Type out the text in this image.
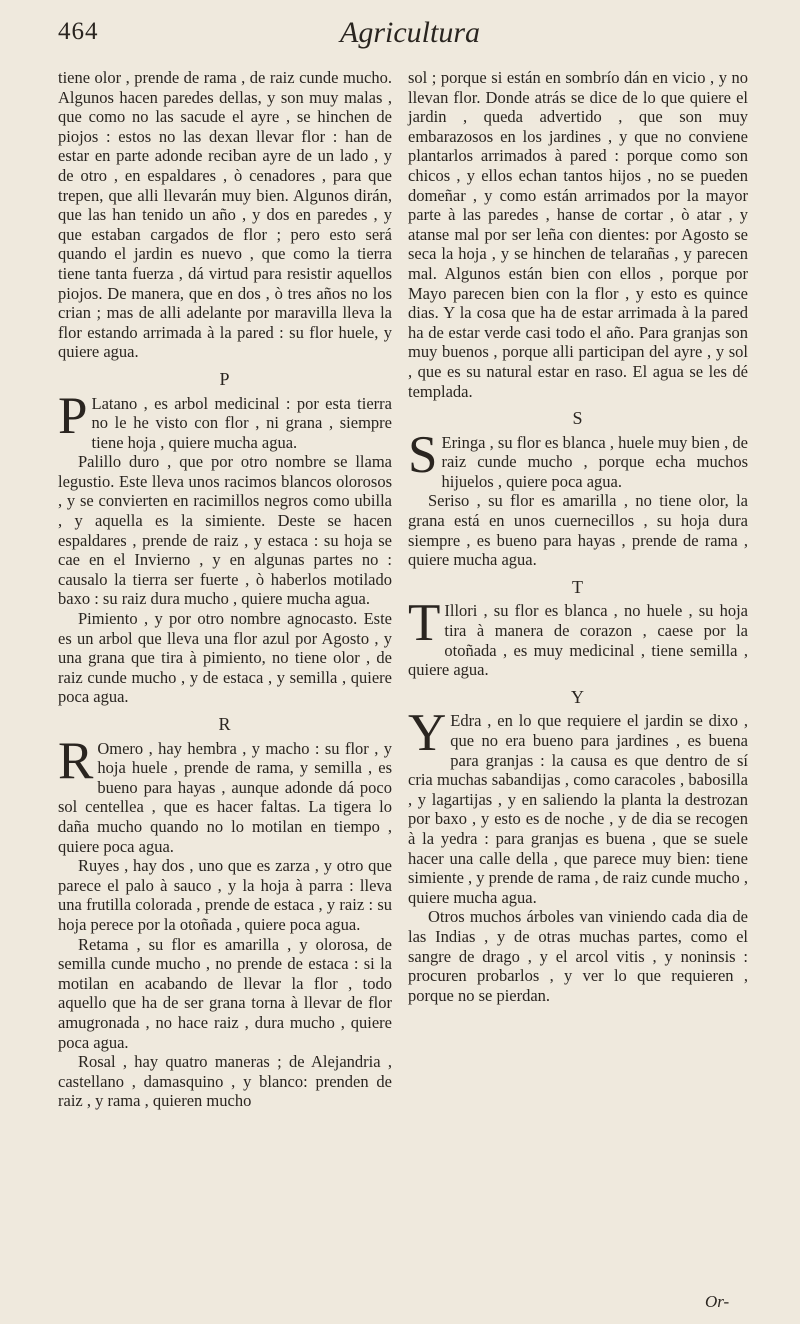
464	Agricultura

tiene olor , prende de rama , de raiz cunde mucho. Algunos hacen paredes dellas, y son muy malas , que como no las sacude el ayre , se hinchen de piojos : estos no las dexan llevar flor : han de estar en parte adonde reciban ayre de un lado , y de otro , en espaldares , ò cenadores , para que trepen, que alli llevarán muy bien. Algunos dirán, que las han tenido un año , y dos en paredes , y que estaban cargados de flor ; pero esto será quando el jardin es nuevo , que como la tierra tiene tanta fuerza , dá virtud para resistir aquellos piojos. De manera, que en dos , ò tres años no los crian ; mas de alli adelante por maravilla lleva la flor estando arrimada à la pared : su flor huele, y quiere agua.

P

PLatano , es arbol medicinal : por esta tierra no le he visto con flor , ni grana , siempre tiene hoja , quiere mucha agua.

Palillo duro , que por otro nombre se llama legustio. Este lleva unos racimos blancos olorosos , y se convierten en racimillos negros como ubilla , y aquella es la simiente. Deste se hacen espaldares , prende de raiz , y estaca : su hoja se cae en el Invierno , y en algunas partes no : causalo la tierra ser fuerte , ò haberlos motilado baxo : su raiz dura mucho , quiere mucha agua.

Pimiento , y por otro nombre agnocasto. Este es un arbol que lleva una flor azul por Agosto , y una grana que tira à pimiento, no tiene olor , de raiz cunde mucho , y de estaca , y semilla , quiere poca agua.

R

ROmero , hay hembra , y macho : su flor , y hoja huele , prende de rama, y semilla , es bueno para hayas , aunque adonde dá poco sol centellea , que es hacer faltas. La tigera lo daña mucho quando no lo motilan en tiempo , quiere poca agua.

Ruyes , hay dos , uno que es zarza , y otro que parece el palo à sauco , y la hoja à parra : lleva una frutilla colorada , prende de estaca , y raiz : su hoja perece por la otoñada , quiere poca agua.

Retama , su flor es amarilla , y olorosa, de semilla cunde mucho , no prende de estaca : si la motilan en acabando de llevar la flor , todo aquello que ha de ser grana torna à llevar de flor amugronada , no hace raiz , dura mucho , quiere poca agua.

Rosal , hay quatro maneras ; de Alejandria , castellano , damasquino , y blanco: prenden de raiz , y rama , quieren mucho

sol ; porque si están en sombrío dán en vicio , y no llevan flor. Donde atrás se dice de lo que quiere el jardin , queda advertido , que son muy embarazosos en los jardines , y que no conviene plantarlos arrimados à pared : porque como son chicos , y ellos echan tantos hijos , no se pueden domeñar , y como están arrimados por la mayor parte à las paredes , hanse de cortar , ò atar , y atanse mal por ser leña con dientes: por Agosto se seca la hoja , y se hinchen de telarañas , y parecen mal. Algunos están bien con ellos , porque por Mayo parecen bien con la flor , y esto es quince dias. Y la cosa que ha de estar arrimada à la pared ha de estar verde casi todo el año. Para granjas son muy buenos , porque alli participan del ayre , y sol , que es su natural estar en raso. El agua se les dé templada.

S

SEringa , su flor es blanca , huele muy bien , de raiz cunde mucho , porque echa muchos hijuelos , quiere poca agua.

Seriso , su flor es amarilla , no tiene olor, la grana está en unos cuernecillos , su hoja dura siempre , es bueno para hayas , prende de rama , quiere mucha agua.

T

TIllori , su flor es blanca , no huele , su hoja tira à manera de corazon , caese por la otoñada , es muy medicinal , tiene semilla , quiere agua.

Y

YEdra , en lo que requiere el jardin se dixo , que no era bueno para jardines , es buena para granjas : la causa es que dentro de sí cria muchas sabandijas , como caracoles , babosilla , y lagartijas , y en saliendo la planta la destrozan por baxo , y esto es de noche , y de dia se recogen à la yedra : para granjas es buena , que se suele hacer una calle della , que parece muy bien: tiene simiente , y prende de rama , de raiz cunde mucho , quiere mucha agua.

Otros muchos árboles van viniendo cada dia de las Indias , y de otras muchas partes, como el sangre de drago , y el arcol vitis , y noninsis : procuren probarlos , y ver lo que requieren , porque no se pierdan.

Or-
